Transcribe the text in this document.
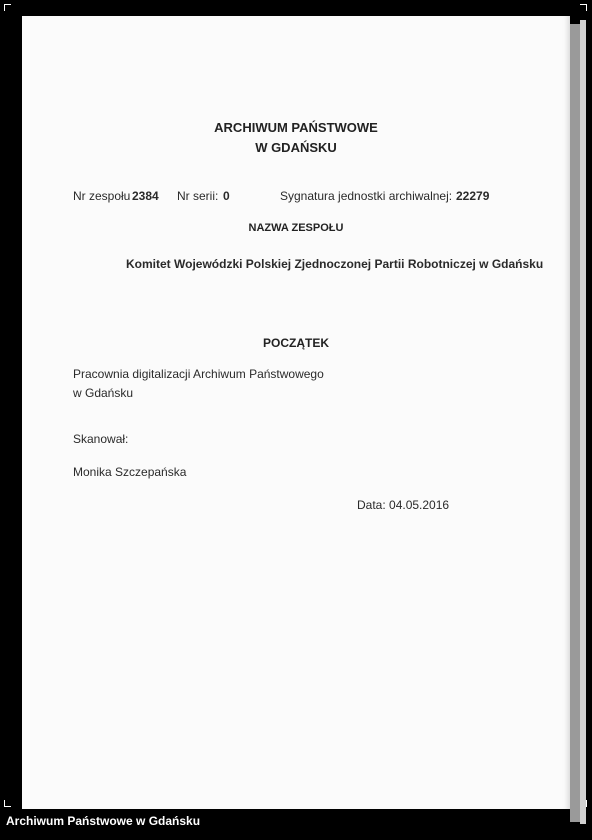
ARCHIWUM PAŃSTWOWE
W GDAŃSKU
Nr zespołu 2384 Nr serii: 0	Sygnatura jednostki archiwalnej: 22279
NAZWA ZESPOŁU
Komitet Wojewódzki Polskiej Zjednoczonej Partii Robotniczej w Gdańsku
POCZĄTEK
Pracownia digitalizacji Archiwum Państwowego
w Gdańsku
Skanował:
Monika Szczepańska
Data: 04.05.2016
Archiwum Państwowe w Gdańsku
